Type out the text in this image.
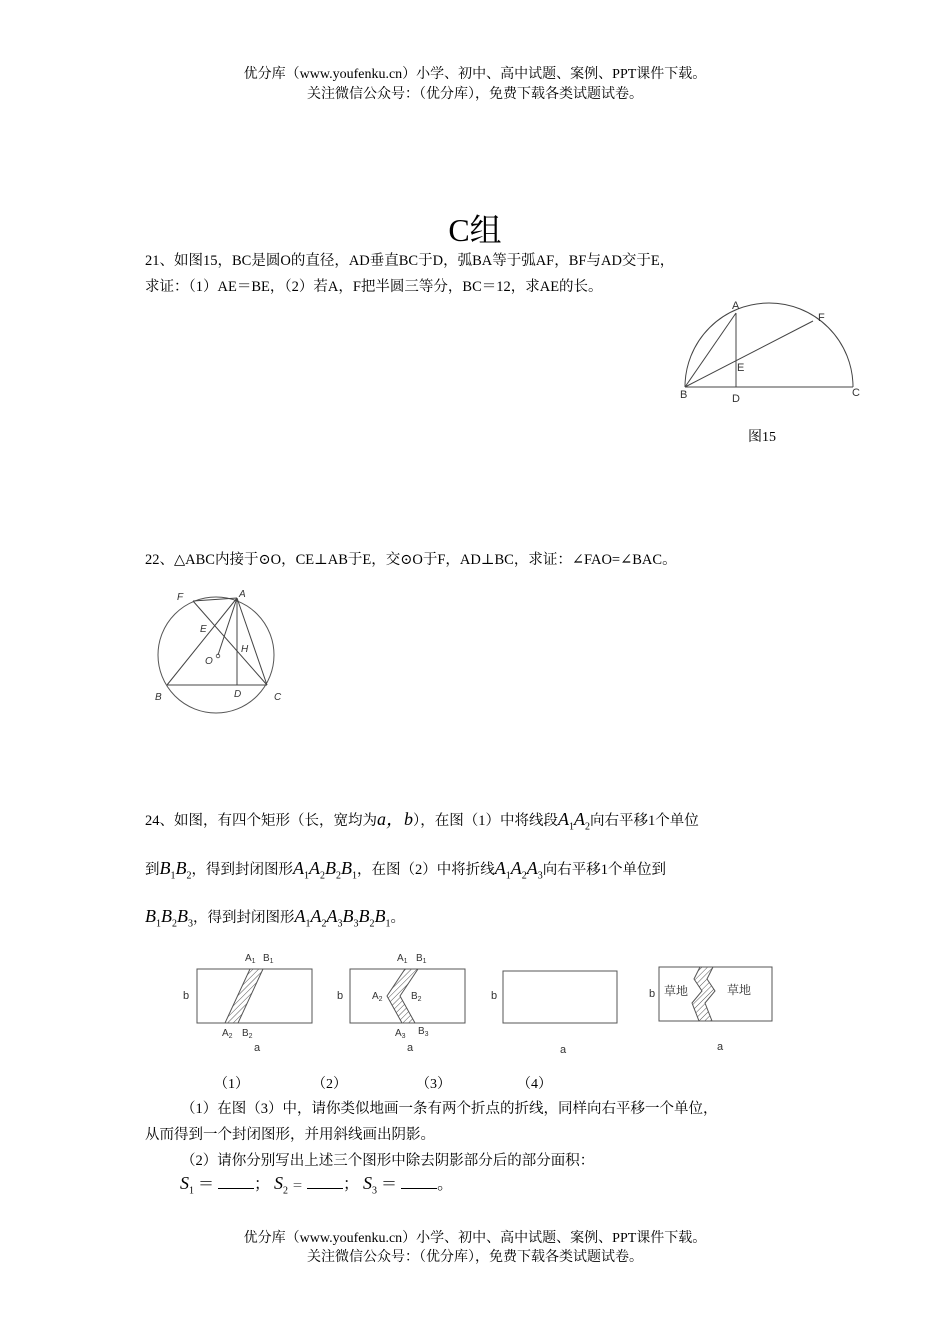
优分库（www.youfenku.cn）小学、初中、高中试题、案例、PPT课件下载。
关注微信公众号：（优分库），免费下载各类试题试卷。
C组
21、如图15，BC是圆O的直径，AD垂直BC于D，弧BA等于弧AF，BF与AD交于E，
求证：（1）AE＝BE，（2）若A，F把半圆三等分，BC＝12，求AE的长。
A
F
E
B	D	C
图15
22、△ABC内接于⊙O，CE⊥AB于E，交⊙O于F，AD⊥BC，求证：∠FAO=∠BAC。
A
F
E
H
O
B	D	C
24、如图，有四个矩形（长，宽均为a，b），在图（1）中将线段$A_1A_2$向右平移1个单位
到$B_1B_2$，得到封闭图形$A_1A_2B_2B_1$，在图（2）中将折线$A_1A_2A_3$向右平移1个单位到
$B_1B_2B_3$，得到封闭图形$A_1A_2A_3B_3B_2B_1$。
b
a
$A_1$ $B_1$
$A_2$ $B_2$
b
a
$A_1$ $B_1$
$A_2$	$B_2$
$A_3$ $B_3$
b
a
b
a
草地	草地
（1）	（2）	（3）	（4）
（1）在图（3）中，请你类似地画一条有两个折点的折线，同样向右平移一个单位，
从而得到一个封闭图形，并用斜线画出阴影。
（2）请你分别写出上述三个图形中除去阴影部分后的部分面积：
$S_1$ ＝	； $S_2$ ＝	； $S_3$ ＝	。
优分库（www.youfenku.cn）小学、初中、高中试题、案例、PPT课件下载。
关注微信公众号：（优分库），免费下载各类试题试卷。
